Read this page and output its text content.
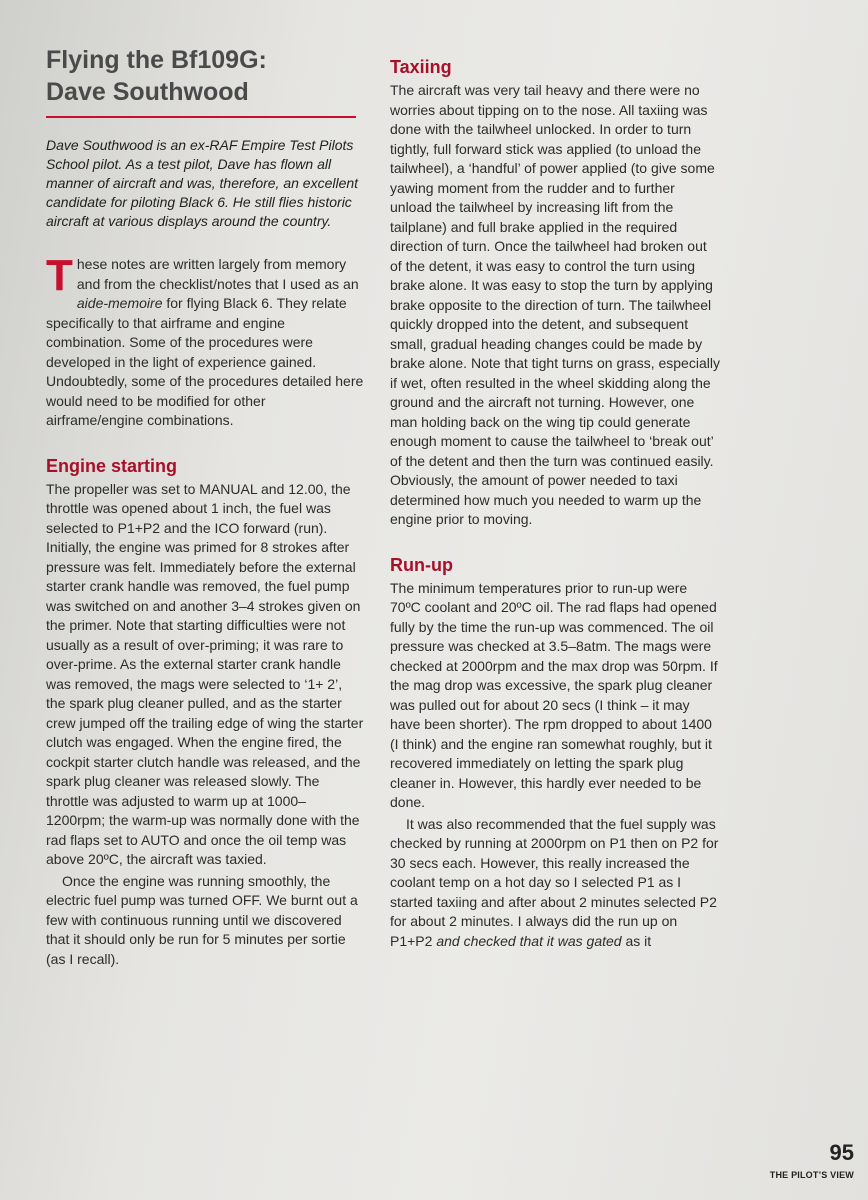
Flying the Bf109G:
Dave Southwood

Dave Southwood is an ex-RAF Empire Test Pilots School pilot. As a test pilot, Dave has flown all manner of aircraft and was, therefore, an excellent candidate for piloting Black 6. He still flies historic aircraft at various displays around the country.

These notes are written largely from memory and from the checklist/notes that I used as an aide-memoire for flying Black 6. They relate specifically to that airframe and engine combination. Some of the procedures were developed in the light of experience gained. Undoubtedly, some of the procedures detailed here would need to be modified for other airframe/engine combinations.

Engine starting

The propeller was set to MANUAL and 12.00, the throttle was opened about 1 inch, the fuel was selected to P1+P2 and the ICO forward (run). Initially, the engine was primed for 8 strokes after pressure was felt. Immediately before the external starter crank handle was removed, the fuel pump was switched on and another 3–4 strokes given on the primer. Note that starting difficulties were not usually as a result of over-priming; it was rare to over-prime. As the external starter crank handle was removed, the mags were selected to ‘1+ 2’, the spark plug cleaner pulled, and as the starter crew jumped off the trailing edge of wing the starter clutch was engaged. When the engine fired, the cockpit starter clutch handle was released, and the spark plug cleaner was released slowly. The throttle was adjusted to warm up at 1000–1200rpm; the warm-up was normally done with the rad flaps set to AUTO and once the oil temp was above 20ºC, the aircraft was taxied.

Once the engine was running smoothly, the electric fuel pump was turned OFF. We burnt out a few with continuous running until we discovered that it should only be run for 5 minutes per sortie (as I recall).

Taxiing

The aircraft was very tail heavy and there were no worries about tipping on to the nose. All taxiing was done with the tailwheel unlocked. In order to turn tightly, full forward stick was applied (to unload the tailwheel), a ‘handful’ of power applied (to give some yawing moment from the rudder and to further unload the tailwheel by increasing lift from the tailplane) and full brake applied in the required direction of turn. Once the tailwheel had broken out of the detent, it was easy to control the turn using brake alone. It was easy to stop the turn by applying brake opposite to the direction of turn. The tailwheel quickly dropped into the detent, and subsequent small, gradual heading changes could be made by brake alone. Note that tight turns on grass, especially if wet, often resulted in the wheel skidding along the ground and the aircraft not turning. However, one man holding back on the wing tip could generate enough moment to cause the tailwheel to ‘break out’ of the detent and then the turn was continued easily. Obviously, the amount of power needed to taxi determined how much you needed to warm up the engine prior to moving.

Run-up

The minimum temperatures prior to run-up were 70ºC coolant and 20ºC oil. The rad flaps had opened fully by the time the run-up was commenced. The oil pressure was checked at 3.5–8atm. The mags were checked at 2000rpm and the max drop was 50rpm. If the mag drop was excessive, the spark plug cleaner was pulled out for about 20 secs (I think – it may have been shorter). The rpm dropped to about 1400 (I think) and the engine ran somewhat roughly, but it recovered immediately on letting the spark plug cleaner in. However, this hardly ever needed to be done.

It was also recommended that the fuel supply was checked by running at 2000rpm on P1 then on P2 for 30 secs each. However, this really increased the coolant temp on a hot day so I selected P1 as I started taxiing and after about 2 minutes selected P2 for about 2 minutes. I always did the run up on P1+P2 and checked that it was gated as it

95
THE PILOT’S VIEW
